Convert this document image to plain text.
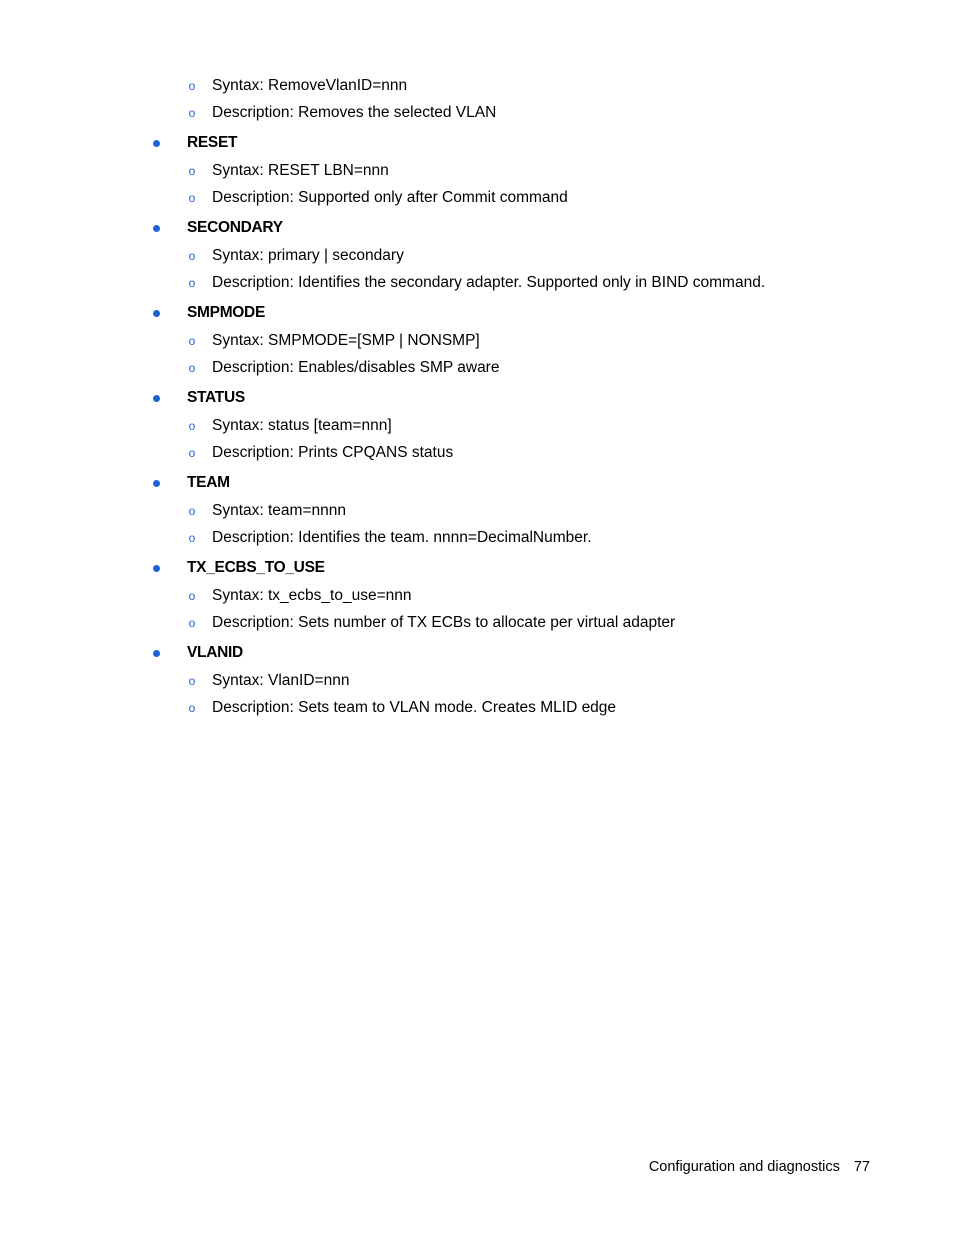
o Syntax: RemoveVlanID=nnn
o Description: Removes the selected VLAN
RESET
o Syntax: RESET LBN=nnn
o Description: Supported only after Commit command
SECONDARY
o Syntax: primary | secondary
o Description: Identifies the secondary adapter. Supported only in BIND command.
SMPMODE
o Syntax: SMPMODE=[SMP | NONSMP]
o Description: Enables/disables SMP aware
STATUS
o Syntax: status [team=nnn]
o Description: Prints CPQANS status
TEAM
o Syntax: team=nnnn
o Description: Identifies the team. nnnn=DecimalNumber.
TX_ECBS_TO_USE
o Syntax: tx_ecbs_to_use=nnn
o Description: Sets number of TX ECBs to allocate per virtual adapter
VLANID
o Syntax: VlanID=nnn
o Description: Sets team to VLAN mode. Creates MLID edge
Configuration and diagnostics 77
